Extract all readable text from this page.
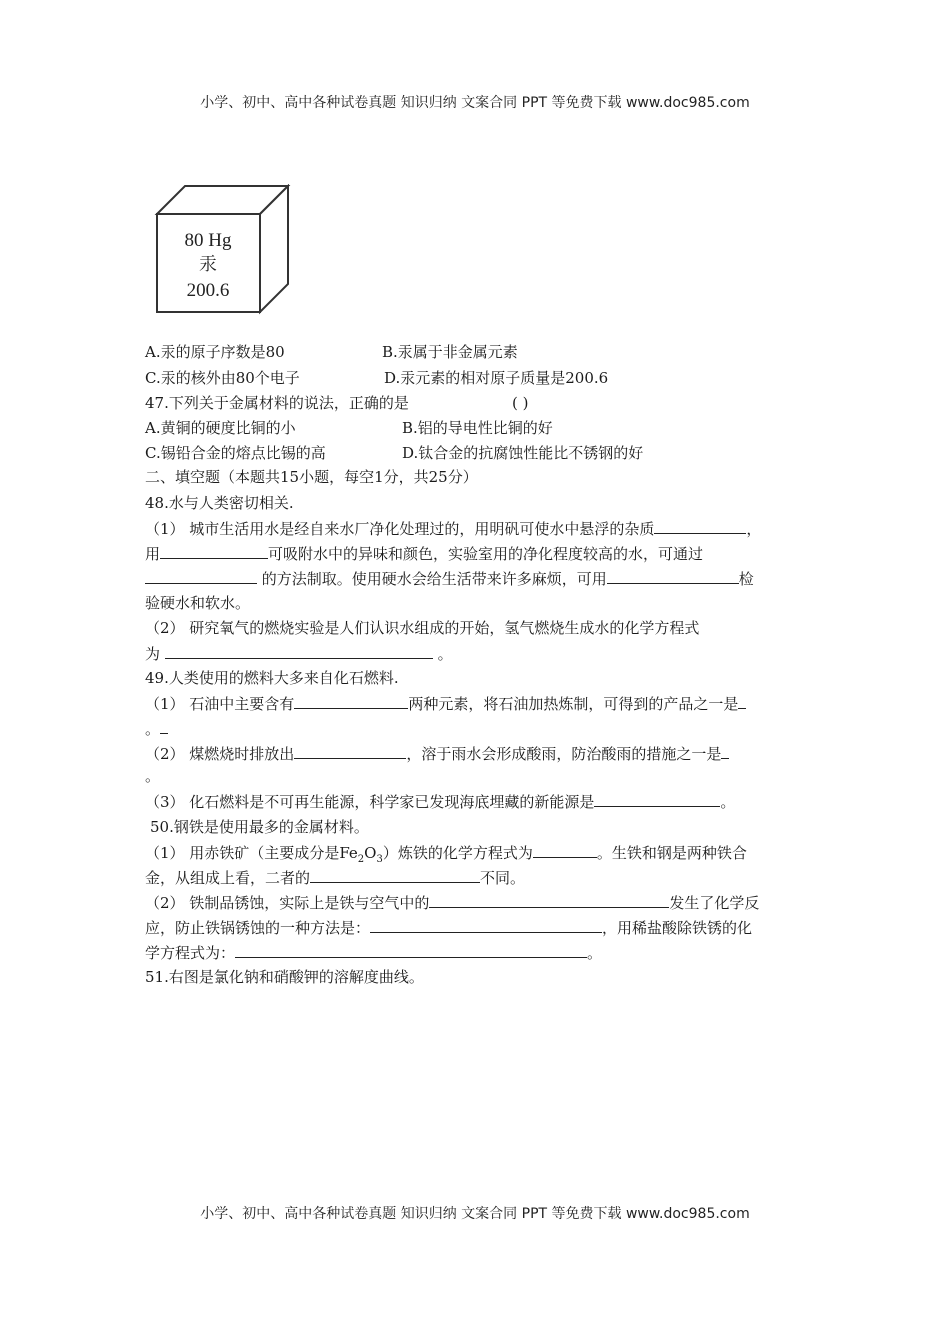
小学、初中、高中各种试卷真题 知识归纳 文案合同 PPT 等免费下载 www.doc985.com
80 Hg
汞
200.6
A.汞的原子序数是80	B.汞属于非金属元素
C.汞的核外由80个电子	D.汞元素的相对原子质量是200.6
47.下列关于金属材料的说法，正确的是	( )
A.黄铜的硬度比铜的小	B.铝的导电性比铜的好
C.锡铅合金的熔点比锡的高	D.钛合金的抗腐蚀性能比不锈钢的好
二、填空题（本题共15小题，每空1分，共25分）
48.水与人类密切相关.
（1） 城市生活用水是经自来水厂净化处理过的，用明矾可使水中悬浮的杂质	，
用	可吸附水中的异味和颜色，实验室用的净化程度较高的水，可通过
的方法制取。使用硬水会给生活带来许多麻烦，可用	检
验硬水和软水。
（2） 研究氧气的燃烧实验是人们认识水组成的开始，氢气燃烧生成水的化学方程式
为	。
49.人类使用的燃料大多来自化石燃料.
（1） 石油中主要含有	两种元素，将石油加热炼制，可得到的产品之一是
。
（2） 煤燃烧时排放出	，溶于雨水会形成酸雨，防治酸雨的措施之一是
。
（3） 化石燃料是不可再生能源，科学家已发现海底埋藏的新能源是	。
50.钢铁是使用最多的金属材料。
（1） 用赤铁矿（主要成分是$Fe_2O_3$）炼铁的化学方程式为	。生铁和钢是两种铁合
金，从组成上看，二者的	不同。
（2） 铁制品锈蚀，实际上是铁与空气中的	发生了化学反
应，防止铁锅锈蚀的一种方法是：	，用稀盐酸除铁锈的化
学方程式为：	。
51.右图是氯化钠和硝酸钾的溶解度曲线。
小学、初中、高中各种试卷真题 知识归纳 文案合同 PPT 等免费下载 www.doc985.com
